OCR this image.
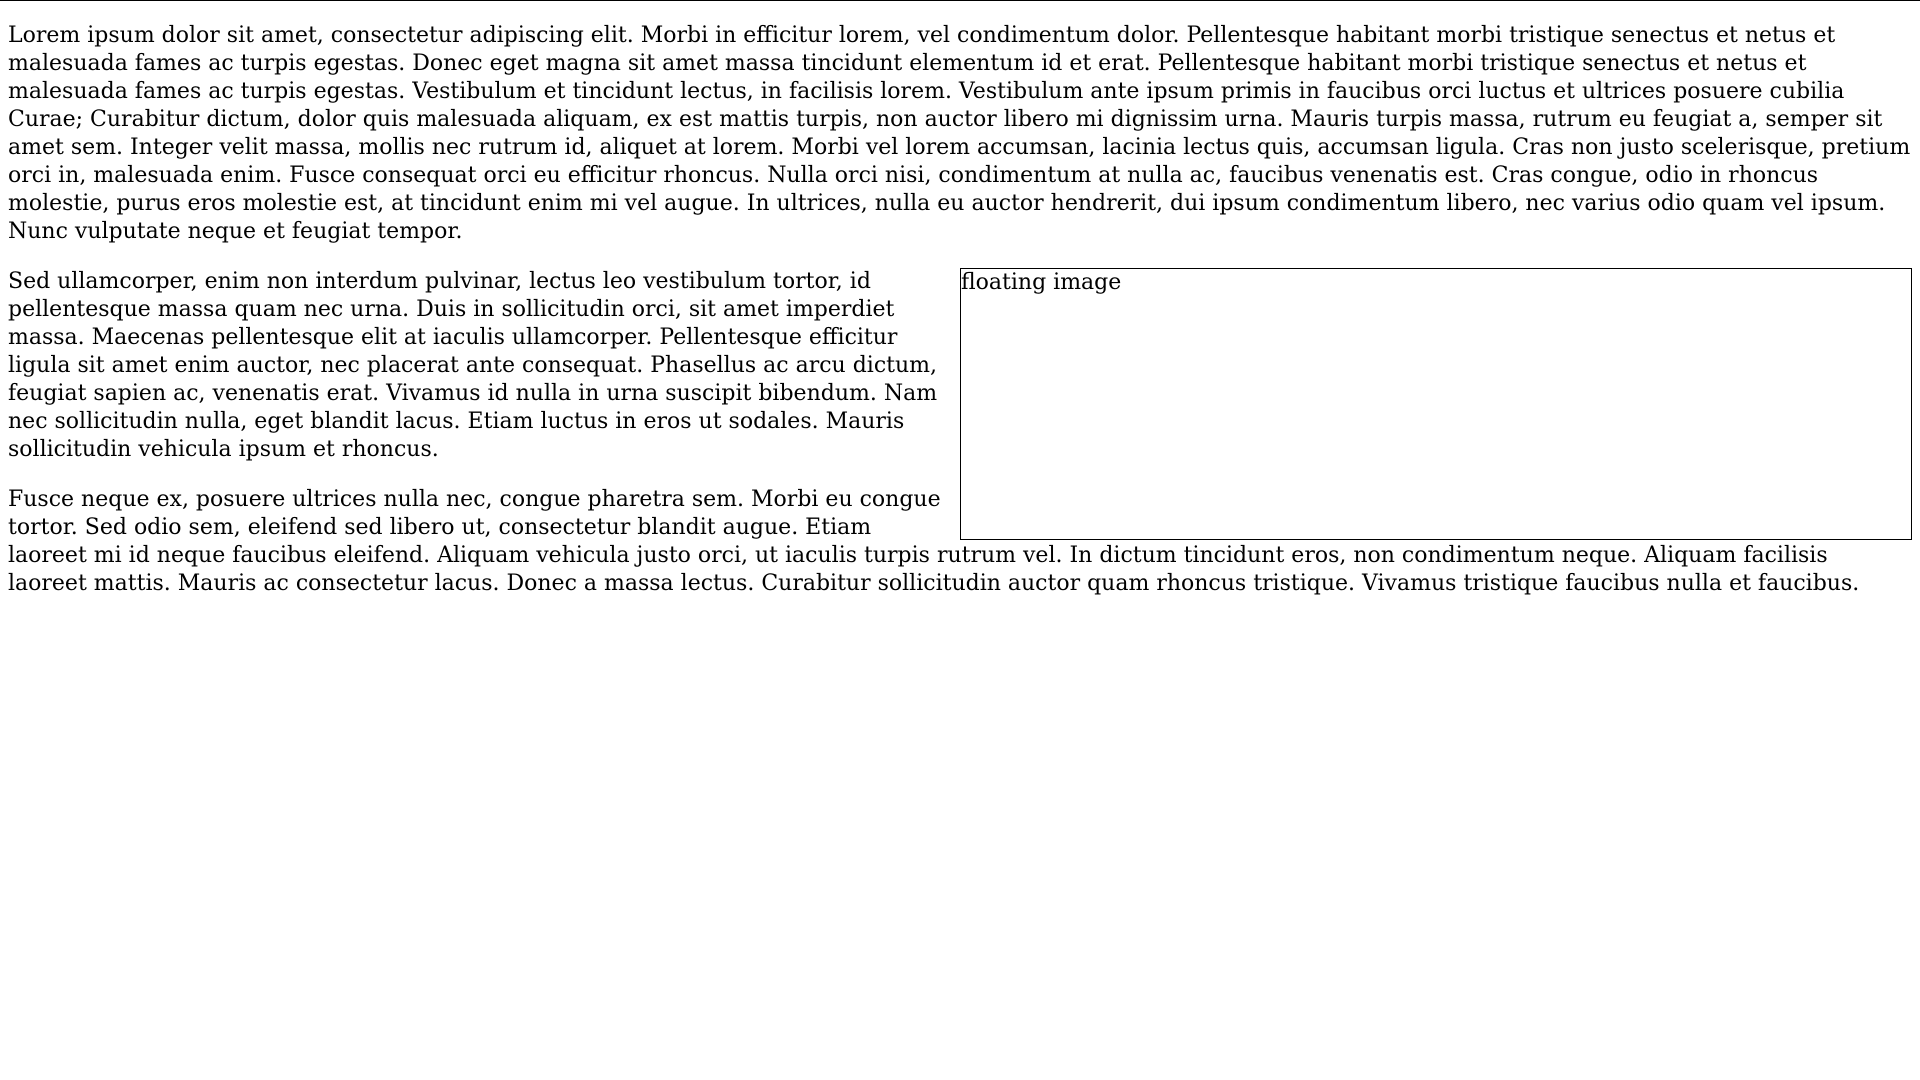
Lorem ipsum dolor sit amet, consectetur adipiscing elit. Morbi in efficitur lorem, vel condimentum dolor. Pellentesque habitant morbi tristique senectus et netus et malesuada fames ac turpis egestas. Donec eget magna sit amet massa tincidunt elementum id et erat. Pellentesque habitant morbi tristique senectus et netus et malesuada fames ac turpis egestas. Vestibulum et tincidunt lectus, in facilisis lorem. Vestibulum ante ipsum primis in faucibus orci luctus et ultrices posuere cubilia Curae; Curabitur dictum, dolor quis malesuada aliquam, ex est mattis turpis, non auctor libero mi dignissim urna. Mauris turpis massa, rutrum eu feugiat a, semper sit amet sem. Integer velit massa, mollis nec rutrum id, aliquet at lorem. Morbi vel lorem accumsan, lacinia lectus quis, accumsan ligula. Cras non justo scelerisque, pretium orci in, malesuada enim. Fusce consequat orci eu efficitur rhoncus. Nulla orci nisi, condimentum at nulla ac, faucibus venenatis est. Cras congue, odio in rhoncus molestie, purus eros molestie est, at tincidunt enim mi vel augue. In ultrices, nulla eu auctor hendrerit, dui ipsum condimentum libero, nec varius odio quam vel ipsum. Nunc vulputate neque et feugiat tempor.

floating image

Sed ullamcorper, enim non interdum pulvinar, lectus leo vestibulum tortor, id pellentesque massa quam nec urna. Duis in sollicitudin orci, sit amet imperdiet massa. Maecenas pellentesque elit at iaculis ullamcorper. Pellentesque efficitur ligula sit amet enim auctor, nec placerat ante consequat. Phasellus ac arcu dictum, feugiat sapien ac, venenatis erat. Vivamus id nulla in urna suscipit bibendum. Nam nec sollicitudin nulla, eget blandit lacus. Etiam luctus in eros ut sodales. Mauris sollicitudin vehicula ipsum et rhoncus.

Fusce neque ex, posuere ultrices nulla nec, congue pharetra sem. Morbi eu congue tortor. Sed odio sem, eleifend sed libero ut, consectetur blandit augue. Etiam laoreet mi id neque faucibus eleifend. Aliquam vehicula justo orci, ut iaculis turpis rutrum vel. In dictum tincidunt eros, non condimentum neque. Aliquam facilisis laoreet mattis. Mauris ac consectetur lacus. Donec a massa lectus. Curabitur sollicitudin auctor quam rhoncus tristique. Vivamus tristique faucibus nulla et faucibus.
